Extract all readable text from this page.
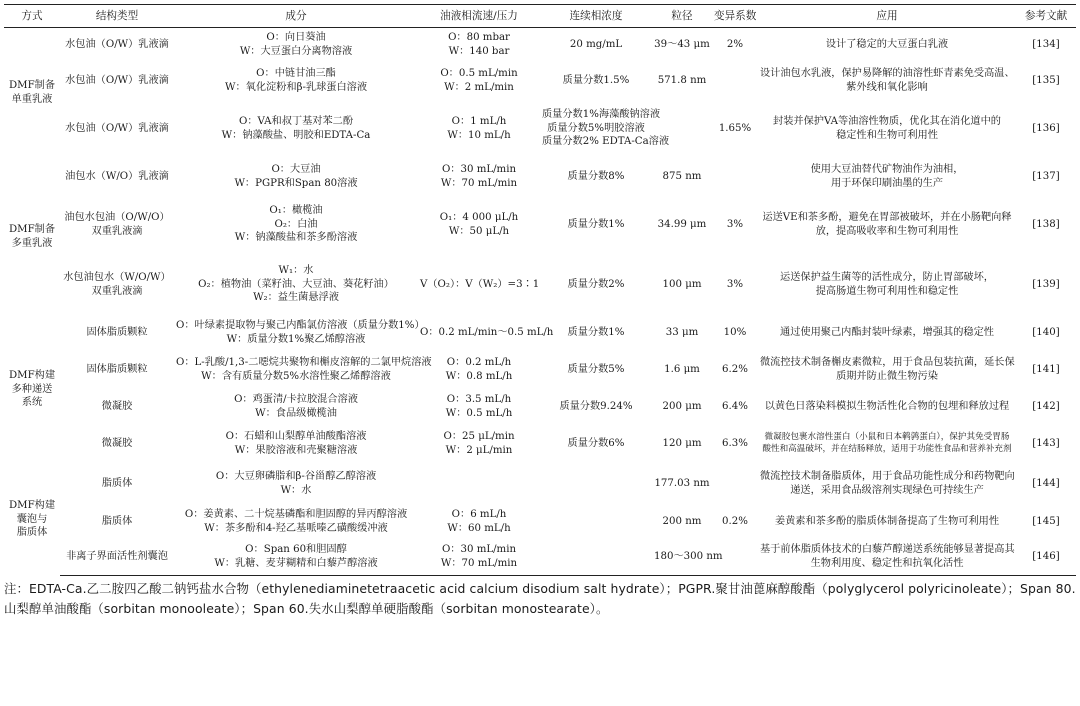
方式	结构类型	成分	油液相流速/压力	连续相浓度	粒径	变异系数	应用	参考文献

DMF制备
单重乳液	水包油（O/W）乳液滴	O：向日葵油
W：大豆蛋白分离物溶液	O：80 mbar
W：140 bar	20 mg/mL	39～43 μm	2%	设计了稳定的大豆蛋白乳液	[134]

	水包油（O/W）乳液滴	O：中链甘油三酯
W：氧化淀粉和β-乳球蛋白溶液	O：0.5 mL/min
W：2 mL/min	质量分数1.5%	571.8 nm		设计油包水乳液，保护易降解的油溶性虾青素免受高温、
紫外线和氧化影响	[135]

	水包油（O/W）乳液滴	O：VA和叔丁基对苯二酚
W：钠藻酸盐、明胶和EDTA-Ca	O：1 mL/h
W：10 mL/h	质量分数1%海藻酸钠溶液
质量分数5%明胶溶液
质量分数2% EDTA-Ca溶液		1.65%	封装并保护VA等油溶性物质，优化其在消化道中的
稳定性和生物可利用性	[136]

DMF制备
多重乳液	油包水（W/O）乳液滴	O：大豆油
W：PGPR和Span 80溶液	O：30 mL/min
W：70 mL/min	质量分数8%	875 nm		使用大豆油替代矿物油作为油相，
用于环保印刷油墨的生产	[137]

	油包水包油（O/W/O）
双重乳液滴	O₁：橄榄油
O₂：白油
W：钠藻酸盐和茶多酚溶液	O₁：4 000 μL/h
W：50 μL/h	质量分数1%	34.99 μm	3%	运送VE和茶多酚，避免在胃部被破坏，并在小肠靶向释
放，提高吸收率和生物可利用性	[138]

	水包油包水（W/O/W）
双重乳液滴	W₁：水
O₂：植物油（菜籽油、大豆油、葵花籽油）
W₂：益生菌悬浮液	V（O₂）：V（W₂）=3∶1	质量分数2%	100 μm	3%	运送保护益生菌等的活性成分，防止胃部破坏，
提高肠道生物可利用性和稳定性	[139]

DMF构建
多种递送
系统	固体脂质颗粒	O：叶绿素提取物与聚己内酯氯仿溶液（质量分数1%）
W：质量分数1%聚乙烯醇溶液	O：0.2 mL/min～0.5 mL/h	质量分数1%	33 μm	10%	通过使用聚己内酯封装叶绿素，增强其的稳定性	[140]

	固体脂质颗粒	O：L-乳酸/1,3-二噁烷共聚物和槲皮溶解的二氯甲烷溶液
W：含有质量分数5%水溶性聚乙烯醇溶液	O：0.2 mL/h
W：0.8 mL/h	质量分数5%	1.6 μm	6.2%	微流控技术制备槲皮素微粒，用于食品包装抗菌，延长保
质期并防止微生物污染	[141]

	微凝胶	O：鸡蛋清/卡拉胶混合溶液
W：食品级橄榄油	O：3.5 mL/h
W：0.5 mL/h	质量分数9.24%	200 μm	6.4%	以黄色日落染料模拟生物活性化合物的包埋和释放过程	[142]

	微凝胶	O：石蜡和山梨醇单油酸酯溶液
W：果胶溶液和壳聚糖溶液	O：25 μL/min
W：2 μL/min	质量分数6%	120 μm	6.3%	微凝胶包裹水溶性蛋白（小鼠和日本鹌鹑蛋白），保护其免受胃肠
酸性和高温破坏，并在结肠释放，适用于功能性食品和营养补充剂	[143]

DMF构建
囊泡与
脂质体	脂质体	O：大豆卵磷脂和β-谷甾醇乙醇溶液
W：水			177.03 nm		微流控技术制备脂质体，用于食品功能性成分和药物靶向
递送，采用食品级溶剂实现绿色可持续生产	[144]

	脂质体	O：姜黄素、二十烷基磷酯和胆固醇的异丙醇溶液
W：茶多酚和4-羟乙基哌嗪乙磺酸缓冲液	O：6 mL/h
W：60 mL/h		200 nm	0.2%	姜黄素和茶多酚的脂质体制备提高了生物可利用性	[145]

	非离子界面活性剂囊泡	O：Span 60和胆固醇
W：乳糖、麦芽糊精和白藜芦醇溶液	O：30 mL/min
W：70 mL/min		180～300 nm		基于前体脂质体技术的白藜芦醇递送系统能够显著提高其
生物利用度、稳定性和抗氧化活性	[146]
注：EDTA-Ca.乙二胺四乙酸二钠钙盐水合物（ethylenediaminetetraacetic acid calcium disodium salt hydrate）；PGPR.聚甘油蓖麻醇酸酯（polyglycerol polyricinoleate）；Span 80.山梨醇单油酸酯（sorbitan monooleate）；Span 60.失水山梨醇单硬脂酸酯（sorbitan monostearate）。
